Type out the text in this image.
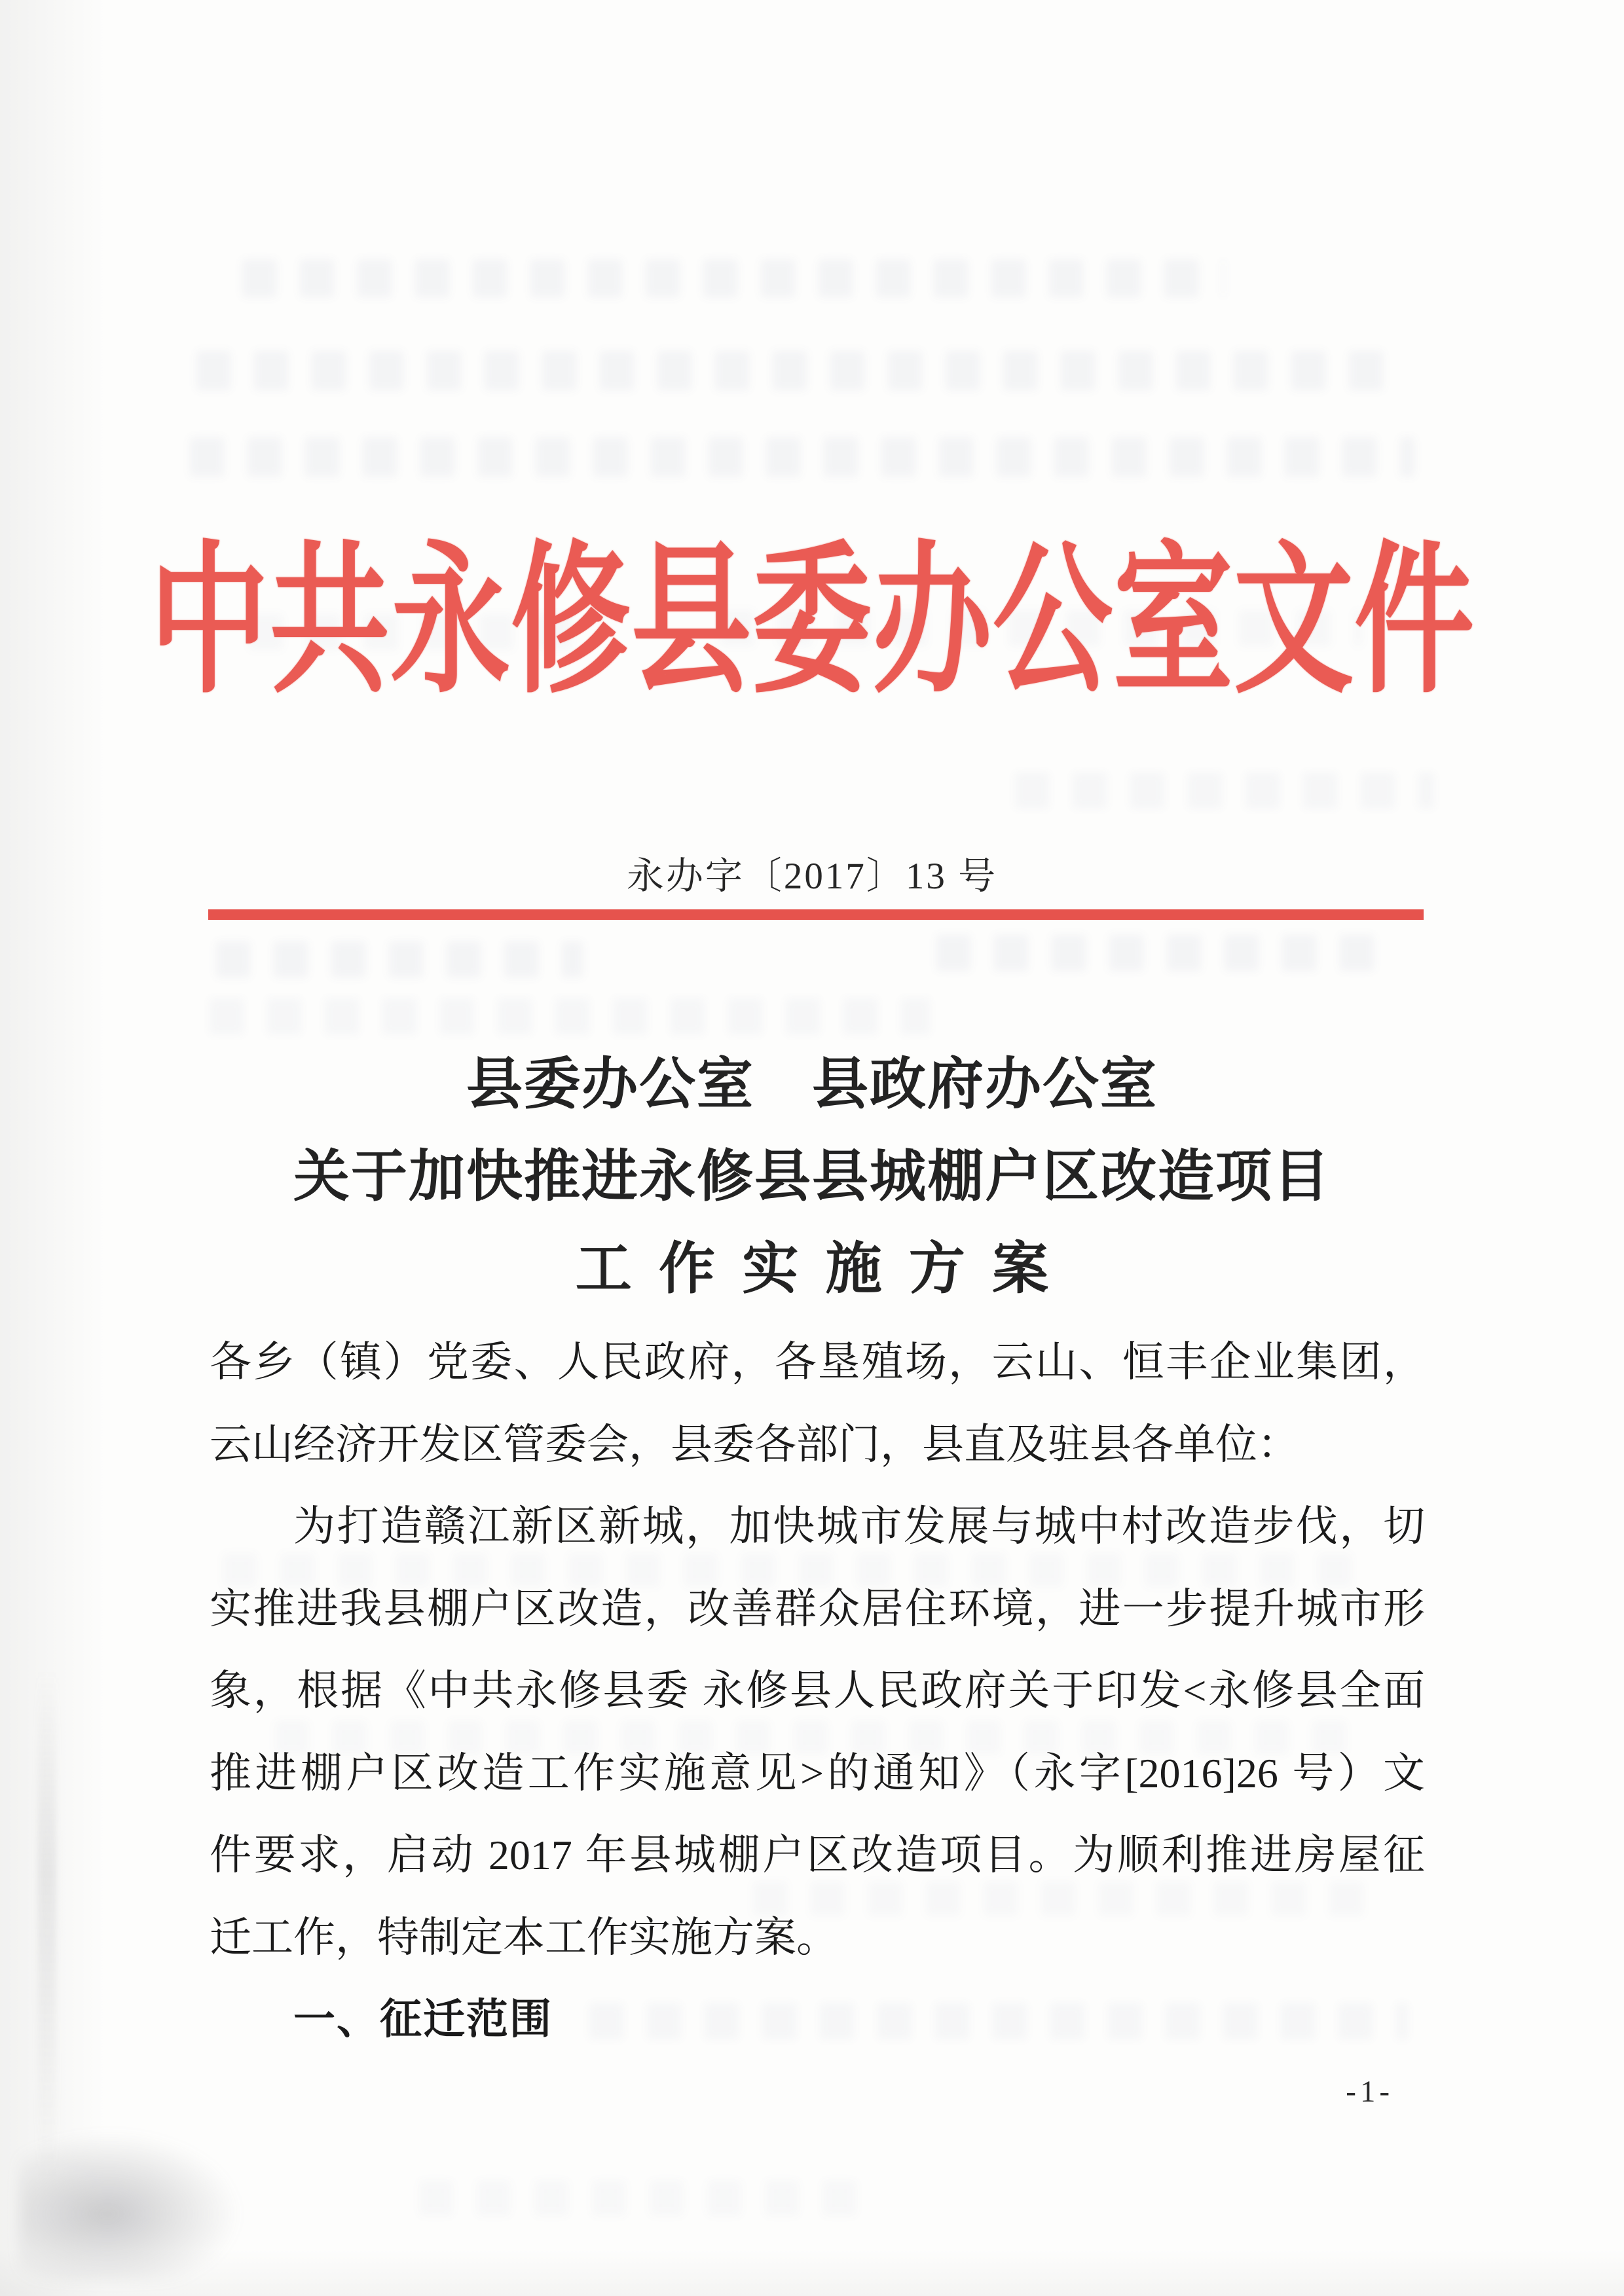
中共永修县委办公室文件
永办字〔2017〕13 号
县委办公室　县政府办公室
关于加快推进永修县县城棚户区改造项目
工作实施方案
各乡（镇）党委、人民政府，各垦殖场，云山、恒丰企业集团，
云山经济开发区管委会，县委各部门，县直及驻县各单位：
为打造赣江新区新城，加快城市发展与城中村改造步伐，切
实推进我县棚户区改造，改善群众居住环境，进一步提升城市形
象，根据《中共永修县委 永修县人民政府关于印发<永修县全面
推进棚户区改造工作实施意见>的通知》（永字[2016]26 号）文
件要求，启动 2017 年县城棚户区改造项目。为顺利推进房屋征
迁工作，特制定本工作实施方案。
一、征迁范围
-1-
